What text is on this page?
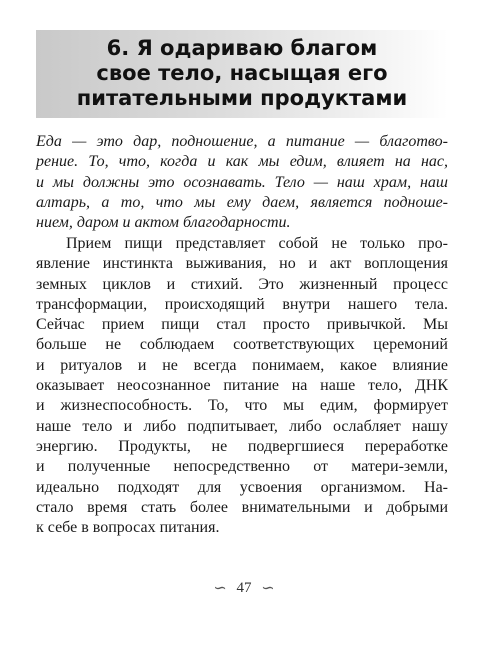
6. Я одариваю благом
свое тело, насыщая его
питательными продуктами
Еда — это дар, подношение, а питание — благотво-
рение. То, что, когда и как мы едим, влияет на нас,
и мы должны это осознавать. Тело — наш храм, наш
алтарь, а то, что мы ему даем, является подноше-
нием, даром и актом благодарности.
Прием пищи представляет собой не только про-
явление инстинкта выживания, но и акт воплощения
земных циклов и стихий. Это жизненный процесс
трансформации, происходящий внутри нашего тела.
Сейчас прием пищи стал просто привычкой. Мы
больше не соблюдаем соответствующих церемоний
и ритуалов и не всегда понимаем, какое влияние
оказывает неосознанное питание на наше тело, ДНК
и жизнеспособность. То, что мы едим, формирует
наше тело и либо подпитывает, либо ослабляет нашу
энергию. Продукты, не подвергшиеся переработке
и полученные непосредственно от матери-земли,
идеально подходят для усвоения организмом. На-
стало время стать более внимательными и добрыми
к себе в вопросах питания.
∽ 47 ∽
